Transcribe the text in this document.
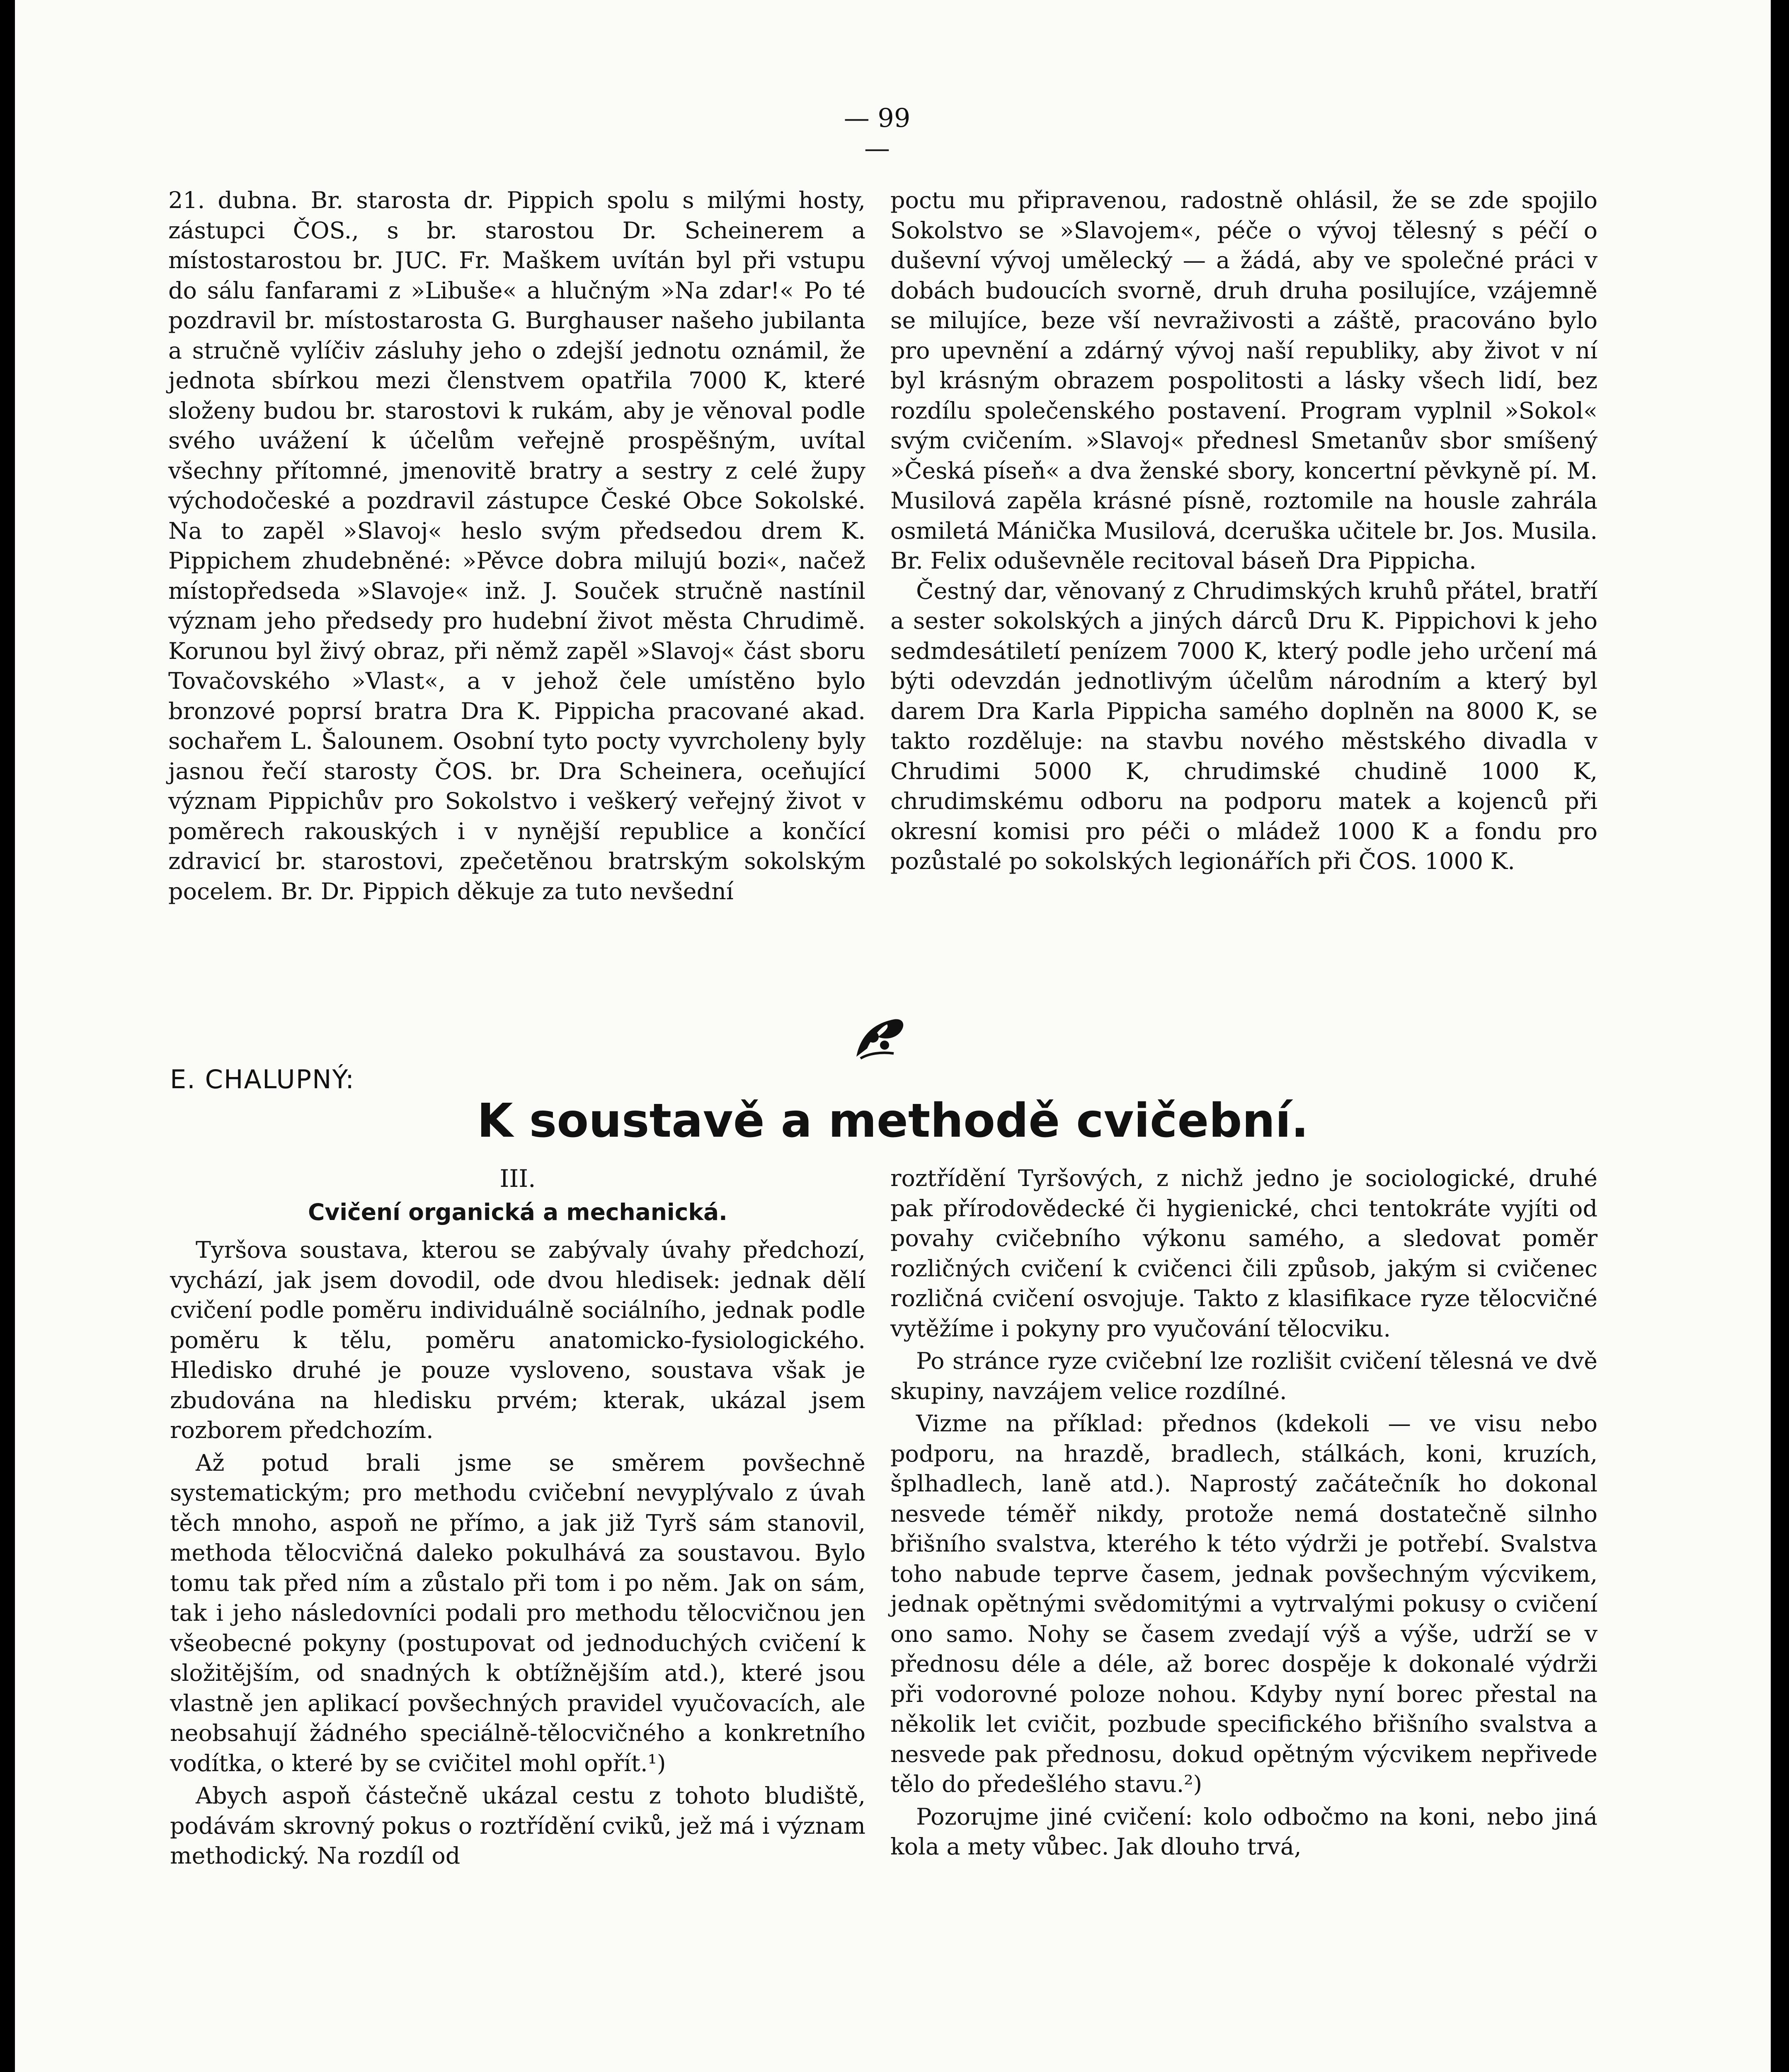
— 99 —

21. dubna. Br. starosta dr. Pippich spolu s milými hosty, zástupci ČOS., s br. starostou Dr. Scheinerem a místostarostou br. JUC. Fr. Maškem uvítán byl při vstupu do sálu fanfarami z »Libuše« a hlučným »Na zdar!« Po té pozdravil br. místostarosta G. Burghauser našeho jubilanta a stručně vylíčiv zásluhy jeho o zdejší jednotu oznámil, že jednota sbírkou mezi členstvem opatřila 7000 K, které složeny budou br. starostovi k rukám, aby je věnoval podle svého uvážení k účelům veřejně prospěšným, uvítal všechny přítomné, jmenovitě bratry a sestry z celé župy východočeské a pozdravil zástupce České Obce Sokolské. Na to zapěl »Slavoj« heslo svým předsedou drem K. Pippichem zhudebněné: »Pěvce dobra milujú bozi«, načež místopředseda »Slavoje« inž. J. Souček stručně nastínil význam jeho předsedy pro hudební život města Chrudimě. Korunou byl živý obraz, při němž zapěl »Slavoj« část sboru Tovačovského »Vlast«, a v jehož čele umístěno bylo bronzové poprsí bratra Dra K. Pippicha pracované akad. sochařem L. Šalounem. Osobní tyto pocty vyvrcholeny byly jasnou řečí starosty ČOS. br. Dra Scheinera, oceňující význam Pippichův pro Sokolstvo i veškerý veřejný život v poměrech rakouských i v nynější republice a končící zdravicí br. starostovi, zpečetěnou bratrským sokolským pocelem. Br. Dr. Pippich děkuje za tuto nevšední

poctu mu připravenou, radostně ohlásil, že se zde spojilo Sokolstvo se »Slavojem«, péče o vývoj tělesný s péčí o duševní vývoj umělecký — a žádá, aby ve společné práci v dobách budoucích svorně, druh druha posilujíce, vzájemně se milujíce, beze vší nevraživosti a záště, pracováno bylo pro upevnění a zdárný vývoj naší republiky, aby život v ní byl krásným obrazem pospolitosti a lásky všech lidí, bez rozdílu společenského postavení. Program vyplnil »Sokol« svým cvičením. »Slavoj« přednesl Smetanův sbor smíšený »Česká píseň« a dva ženské sbory, koncertní pěvkyně pí. M. Musilová zapěla krásné písně, roztomile na housle zahrála osmiletá Mánička Musilová, dceruška učitele br. Jos. Musila. Br. Felix oduševněle recitoval báseň Dra Pippicha.

Čestný dar, věnovaný z Chrudimských kruhů přátel, bratří a sester sokolských a jiných dárců Dru K. Pippichovi k jeho sedmdesátiletí penízem 7000 K, který podle jeho určení má býti odevzdán jednotlivým účelům národním a který byl darem Dra Karla Pippicha samého doplněn na 8000 K, se takto rozděluje: na stavbu nového městského divadla v Chrudimi 5000 K, chrudimské chudině 1000 K, chrudimskému odboru na podporu matek a kojenců při okresní komisi pro péči o mládež 1000 K a fondu pro pozůstalé po sokolských legionářích při ČOS. 1000 K.

E. CHALUPNÝ:
K soustavě a methodě cvičební.

III.

Cvičení organická a mechanická.

Tyršova soustava, kterou se zabývaly úvahy předchozí, vychází, jak jsem dovodil, ode dvou hledisek: jednak dělí cvičení podle poměru individuálně sociálního, jednak podle poměru k tělu, poměru anatomicko-fysiologického. Hledisko druhé je pouze vysloveno, soustava však je zbudována na hledisku prvém; kterak, ukázal jsem rozborem předchozím.

Až potud brali jsme se směrem povšechně systematickým; pro methodu cvičební nevyplývalo z úvah těch mnoho, aspoň ne přímo, a jak již Tyrš sám stanovil, methoda tělocvičná daleko pokulhává za soustavou. Bylo tomu tak před ním a zůstalo při tom i po něm. Jak on sám, tak i jeho následovníci podali pro methodu tělocvičnou jen všeobecné pokyny (postupovat od jednoduchých cvičení k složitějším, od snadných k obtížnějším atd.), které jsou vlastně jen aplikací povšechných pravidel vyučovacích, ale neobsahují žádného speciálně-tělocvičného a konkretního vodítka, o které by se cvičitel mohl opřít.¹)

Abych aspoň částečně ukázal cestu z tohoto bludiště, podávám skrovný pokus o roztřídění cviků, jež má i význam methodický. Na rozdíl od

roztřídění Tyršových, z nichž jedno je sociologické, druhé pak přírodovědecké či hygienické, chci tentokráte vyjíti od povahy cvičebního výkonu samého, a sledovat poměr rozličných cvičení k cvičenci čili způsob, jakým si cvičenec rozličná cvičení osvojuje. Takto z klasifikace ryze tělocvičné vytěžíme i pokyny pro vyučování tělocviku.

Po stránce ryze cvičební lze rozlišit cvičení tělesná ve dvě skupiny, navzájem velice rozdílné.

Vizme na příklad: přednos (kdekoli — ve visu nebo podporu, na hrazdě, bradlech, stálkách, koni, kruzích, šplhadlech, laně atd.). Naprostý začátečník ho dokonal nesvede téměř nikdy, protože nemá dostatečně silnho břišního svalstva, kterého k této výdrži je potřebí. Svalstva toho nabude teprve časem, jednak povšechným výcvikem, jednak opětnými svědomitými a vytrvalými pokusy o cvičení ono samo. Nohy se časem zvedají výš a výše, udrží se v přednosu déle a déle, až borec dospěje k dokonalé výdrži při vodorovné poloze nohou. Kdyby nyní borec přestal na několik let cvičit, pozbude specifického břišního svalstva a nesvede pak přednosu, dokud opětným výcvikem nepřivede tělo do předešlého stavu.²)

Pozorujme jiné cvičení: kolo odbočmo na koni, nebo jiná kola a mety vůbec. Jak dlouho trvá,
